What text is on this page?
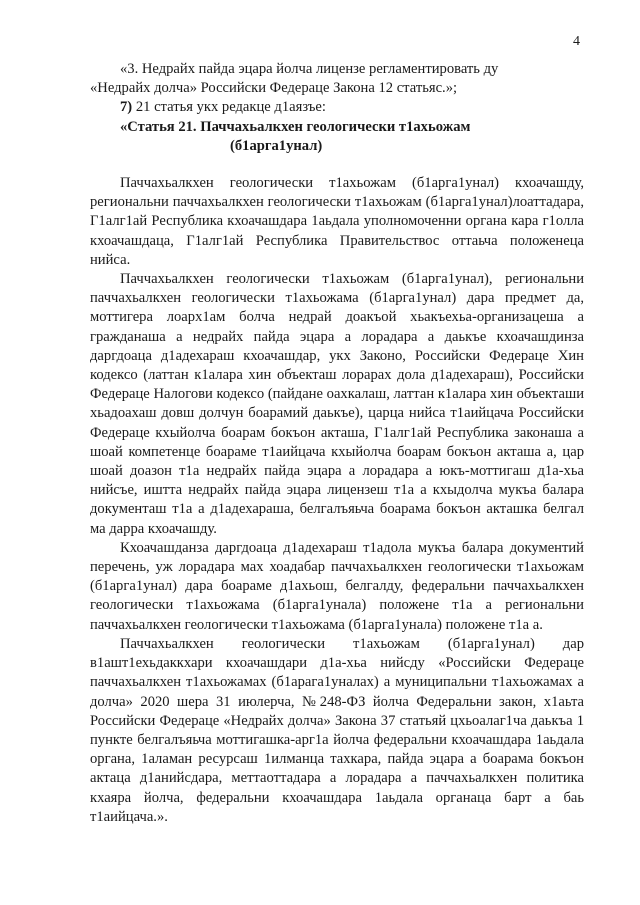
4

«3. Недрайх пайда эцара йолча лицензе регламентировать ду

«Недрайх долча» Российски Федераце Закона 12 статьяс.»;

7) 21 статья укх редакце д1аязъе:

«Статья 21. Паччахьалкхен геологически т1ахьожам

(б1арга1унал)

Паччахьалкхен геологически т1ахьожам (б1арга1унал) кхоачашду, региональни паччахьалкхен геологически т1ахьожам (б1арга1унал)лоаттадара, Г1алг1ай Республика кхоачашдара 1аьдала уполномоченни органа кара г1олла кхоачашдаца, Г1алг1ай Республика Правительствос оттаьча положенеца нийса.

Паччахьалкхен геологически т1ахьожам (б1арга1унал), региональни паччахьалкхен геологически т1ахьожама (б1арга1унал) дара предмет да, моттигера лоарх1ам болча недрай доакъой хьакъехьа-организацеша а гражданаша а недрайх пайда эцара а лорадара а даькъе кхоачашдинза даргдоаца д1адехараш кхоачашдар, укх Законо, Российски Федераце Хин кодексо (латтан к1алара хин объекташ лорарах дола д1адехараш), Российски Федераце Налогови кодексо (пайдане оахкалаш, латтан к1алара хин объекташи хьадоахаш довш долчун боарамий даькъе), царца нийса т1аийцача Российски Федераце кхыйолча боарам бокъон акташа, Г1алг1ай Республика законаша а шоай компетенце боараме т1аийцача кхыйолча боарам бокъон акташа а, цар шоай доазон т1а недрайх пайда эцара а лорадара а юкъ-моттигаш д1а-хьа нийсъе, иштта недрайх пайда эцара лицензеш т1а а кхыдолча мукъа балара документаш т1а а д1адехараша, белгалъяьча боарама бокъон акташка белгал ма дарра кхоачашду.

Кхоачашданза даргдоаца д1адехараш т1адола мукъа балара документий перечень, уж лорадара мах хоадабар паччахьалкхен геологически т1ахьожам (б1арга1унал) дара боараме д1ахьош, белгалду, федеральни паччахьалкхен геологически т1ахьожама (б1арга1унала) положене т1а а региональни паччахьалкхен геологически т1ахьожама (б1арга1унала) положене т1а а.

Паччахьалкхен геологически т1ахьожам (б1арга1унал) дар в1ашт1ехьдаккхари кхоачашдари д1а-хьа нийсду «Российски Федераце паччахьалкхен т1ахьожамах (б1арага1уналах) а муниципальни т1ахьожамах а долча» 2020 шера 31 июлерча, №248-ФЗ йолча Федеральни закон, х1аьта Российски Федераце «Недрайх долча» Закона 37 статьяй цхьоалаг1ча даькъа 1 пункте белгалъяьча моттигашка-арг1а йолча федеральни кхоачашдара 1аьдала органа, 1аламан ресурсаш 1илманца тахкара, пайда эцара а боарама бокъон актаца д1анийсдара, меттаоттадара а лорадара а паччахьалкхен политика кхаяра йолча, федеральни кхоачашдара 1аьдала органаца барт а баь т1аийцача.».
